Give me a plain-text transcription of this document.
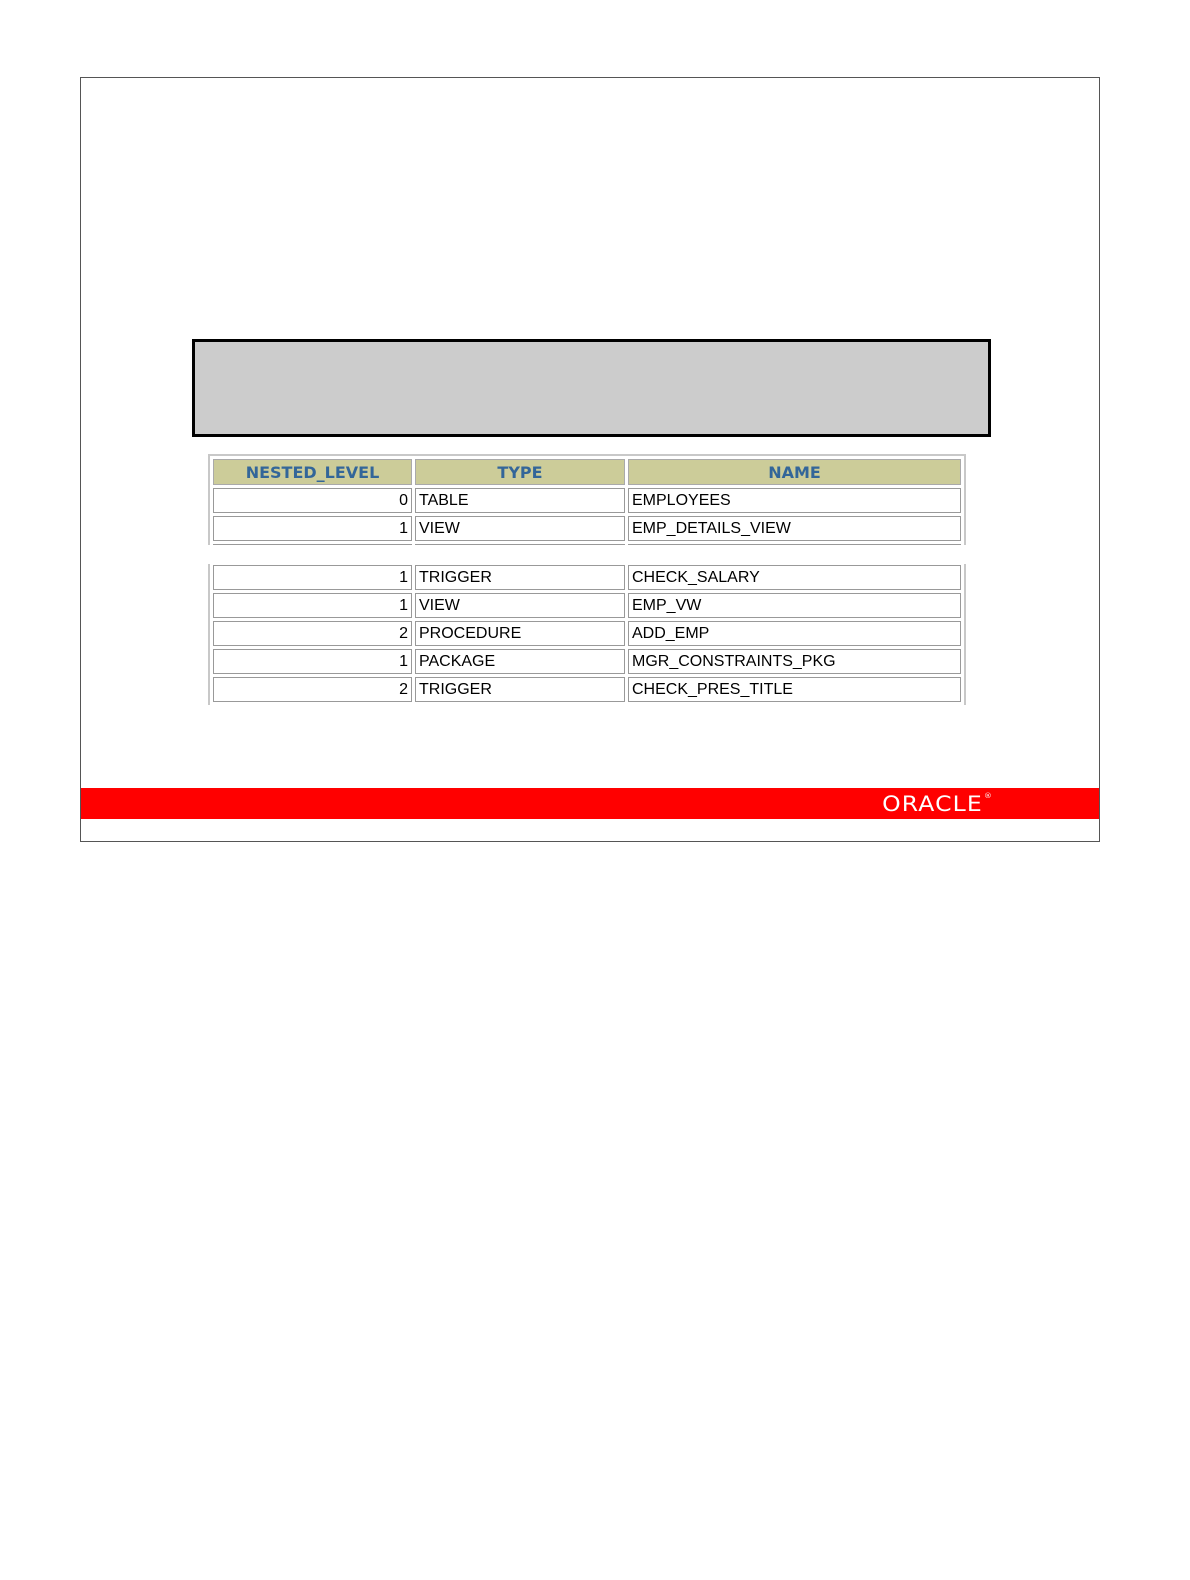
NESTED_LEVEL	TYPE	NAME
0	TABLE	EMPLOYEES
1	VIEW	EMP_DETAILS_VIEW

1	TRIGGER	CHECK_SALARY
1	VIEW	EMP_VW
2	PROCEDURE	ADD_EMP
1	PACKAGE	MGR_CONSTRAINTS_PKG
2	TRIGGER	CHECK_PRES_TITLE
ORACLE®
